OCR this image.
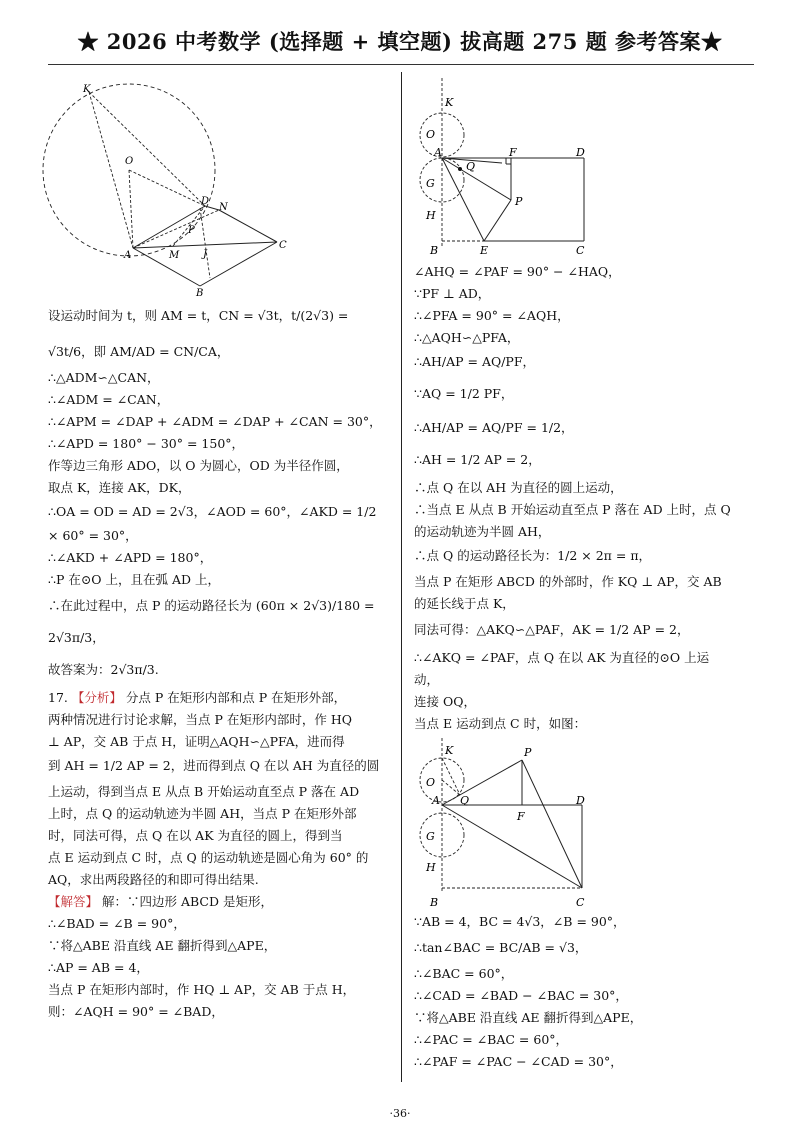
★ 2026 中考数学 (选择题 + 填空题) 拔高题 275 题 参考答案★
K
O
D
N
P
A	M J
C
B
K
O
A
Q
F	D
G
P
H
B	E	C
K	P
O
A Q	D
F
G
H
B	C
设运动时间为 t，则 AM = t，CN = √3t，t/(2√3) =
√3t/6，即 AM/AD = CN/CA，
∴△ADM∽△CAN，
∴∠ADM = ∠CAN，
∴∠APM = ∠DAP + ∠ADM = ∠DAP + ∠CAN = 30°，
∴∠APD = 180° − 30° = 150°，
作等边三角形 ADO，以 O 为圆心，OD 为半径作圆，
取点 K，连接 AK，DK，
∴OA = OD = AD = 2√3，∠AOD = 60°，∠AKD = 1/2
× 60° = 30°，
∴∠AKD + ∠APD = 180°，
∴P 在⊙O 上，且在弧 AD 上，
∴在此过程中，点 P 的运动路径长为 (60π × 2√3)/180 =
2√3π/3，
故答案为：2√3π/3.
17. 【分析】 分点 P 在矩形内部和点 P 在矩形外部，
两种情况进行讨论求解，当点 P 在矩形内部时，作 HQ
⊥ AP，交 AB 于点 H，证明△AQH∽△PFA，进而得
到 AH = 1/2 AP = 2，进而得到点 Q 在以 AH 为直径的圆
上运动，得到当点 E 从点 B 开始运动直至点 P 落在 AD
上时，点 Q 的运动轨迹为半圆 AH，当点 P 在矩形外部
时，同法可得，点 Q 在以 AK 为直径的圆上，得到当
点 E 运动到点 C 时，点 Q 的运动轨迹是圆心角为 60° 的
AQ，求出两段路径的和即可得出结果.
【解答】 解：∵四边形 ABCD 是矩形，
∴∠BAD = ∠B = 90°，
∵将△ABE 沿直线 AE 翻折得到△APE，
∴AP = AB = 4，
当点 P 在矩形内部时，作 HQ ⊥ AP，交 AB 于点 H，
则：∠AQH = 90° = ∠BAD，
∠AHQ = ∠PAF = 90° − ∠HAQ，
∵PF ⊥ AD，
∴∠PFA = 90° = ∠AQH，
∴△AQH∽△PFA，
∴AH/AP = AQ/PF，
∵AQ = 1/2 PF，
∴AH/AP = AQ/PF = 1/2，
∴AH = 1/2 AP = 2，
∴点 Q 在以 AH 为直径的圆上运动，
∴当点 E 从点 B 开始运动直至点 P 落在 AD 上时，点 Q
的运动轨迹为半圆 AH，
∴点 Q 的运动路径长为：1/2 × 2π = π，
当点 P 在矩形 ABCD 的外部时，作 KQ ⊥ AP，交 AB
的延长线于点 K，
同法可得：△AKQ∽△PAF，AK = 1/2 AP = 2，
∴∠AKQ = ∠PAF，点 Q 在以 AK 为直径的⊙O 上运
动，
连接 OQ，
当点 E 运动到点 C 时，如图：
∵AB = 4，BC = 4√3，∠B = 90°，
∴tan∠BAC = BC/AB = √3，
∴∠BAC = 60°，
∴∠CAD = ∠BAD − ∠BAC = 30°，
∵将△ABE 沿直线 AE 翻折得到△APE，
∴∠PAC = ∠BAC = 60°，
∴∠PAF = ∠PAC − ∠CAD = 30°，
·36·
